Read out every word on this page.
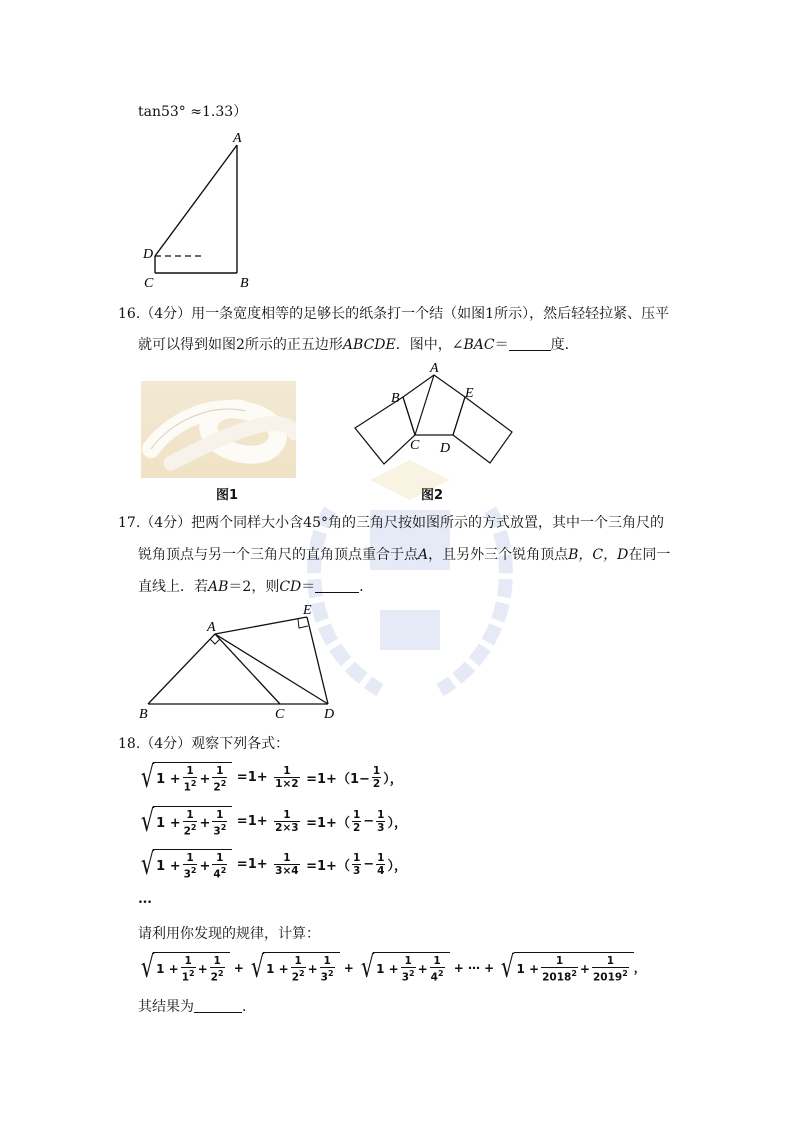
tan53° ≈1.33）
A
B
C
D
16.（4分）用一条宽度相等的足够长的纸条打一个结（如图1所示），然后轻轻拉紧、压平
就可以得到如图2所示的正五边形ABCDE．图中，∠BAC＝	度．
图1
A
B
C D
E
图2
17.（4分）把两个同样大小含45°角的三角尺按如图所示的方式放置，其中一个三角尺的
锐角顶点与另一个三角尺的直角顶点重合于点A，且另外三个锐角顶点B，C，D在同一
直线上．若AB＝2，则CD＝	．
A
B	C	D
E
18.（4分）观察下列各式：
√ $1 + \frac{1}{1^2} + \frac{1}{2^2} =1+ \frac{1}{1\times 2} =1+(1- \frac{1}{2}$ ），
√ $1 + \frac{1}{2^2} + \frac{1}{3^2} =1+ \frac{1}{2\times 3} =1+( \frac{1}{2} - \frac{1}{3}$ ），
√ $1 + \frac{1}{3^2} + \frac{1}{4^2} =1+ \frac{1}{3\times 4} =1+( \frac{1}{3} - \frac{1}{4}$ ），
…
请利用你发现的规律，计算：
√ $1 + \frac{1}{1^2} + \frac{1}{2^2}$ + √ $1 + \frac{1}{2^2} + \frac{1}{3^2}$ + √ $1 + \frac{1}{3^2} + \frac{1}{4^2}$
+ ⋯ +
√ $1 + \frac{1}{2018^2} + \frac{1}{2019^2}$ ，
其结果为	．
